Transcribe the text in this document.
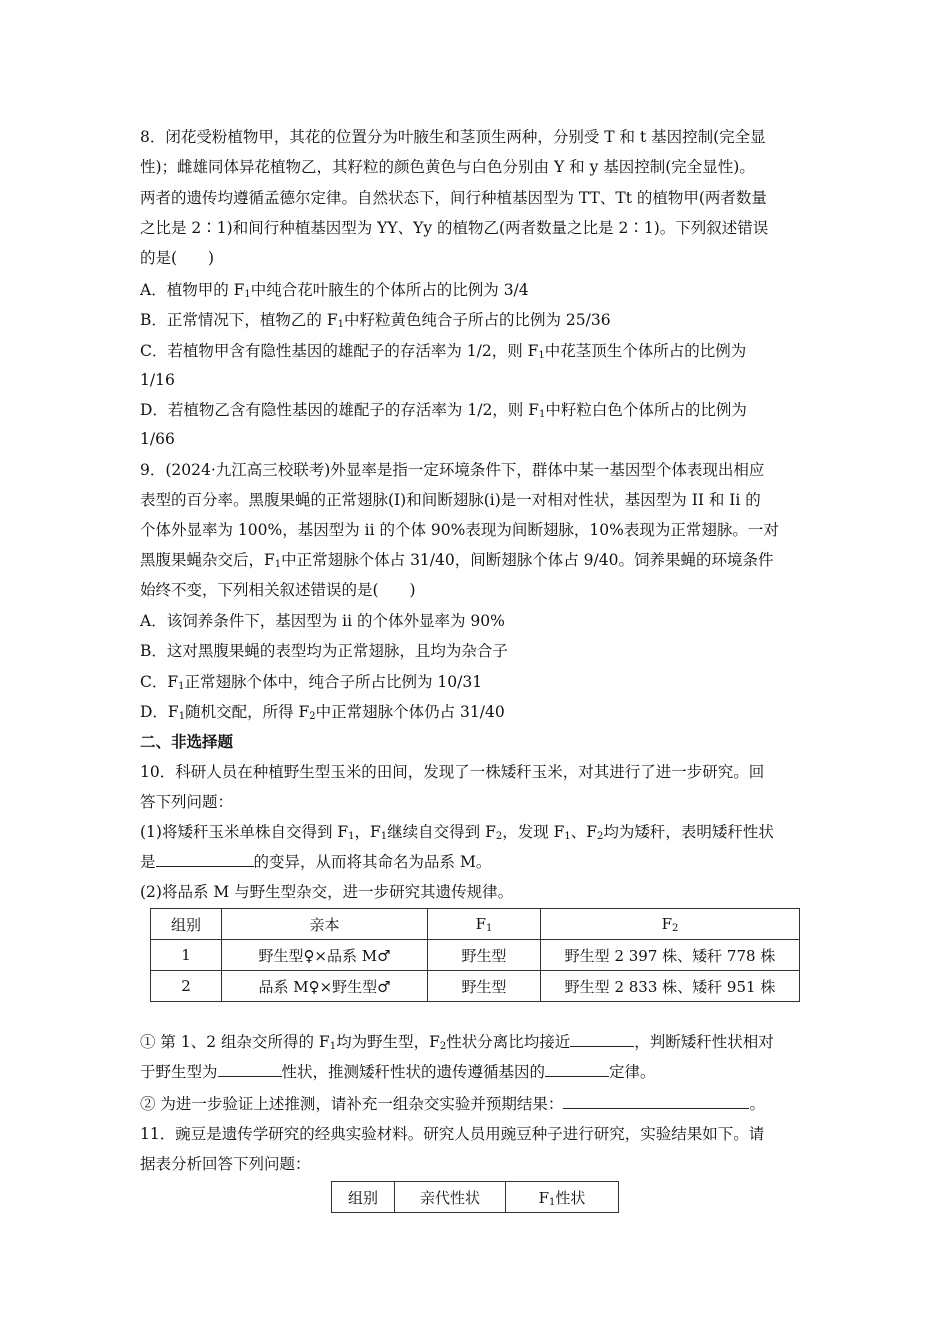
8．闭花受粉植物甲，其花的位置分为叶腋生和茎顶生两种，分别受 T 和 t 基因控制(完全显
性)；雌雄同体异花植物乙，其籽粒的颜色黄色与白色分别由 Y 和 y 基因控制(完全显性)。
两者的遗传均遵循孟德尔定律。自然状态下，间行种植基因型为 TT、Tt 的植物甲(两者数量
之比是 2∶1)和间行种植基因型为 YY、Yy 的植物乙(两者数量之比是 2∶1)。下列叙述错误
的是(　　)
A．植物甲的 $F_1$中纯合花叶腋生的个体所占的比例为 3/4
B．正常情况下，植物乙的 $F_1$中籽粒黄色纯合子所占的比例为 25/36
C．若植物甲含有隐性基因的雄配子的存活率为 1/2，则 $F_1$中花茎顶生个体所占的比例为
1/16
D．若植物乙含有隐性基因的雄配子的存活率为 1/2，则 $F_1$中籽粒白色个体所占的比例为
1/66
9．(2024·九江高三校联考)外显率是指一定环境条件下，群体中某一基因型个体表现出相应
表型的百分率。黑腹果蝇的正常翅脉(I)和间断翅脉(i)是一对相对性状，基因型为 II 和 Ii 的
个体外显率为 100%，基因型为 ii 的个体 90%表现为间断翅脉，10%表现为正常翅脉。一对
黑腹果蝇杂交后，$F_1$中正常翅脉个体占 31/40，间断翅脉个体占 9/40。饲养果蝇的环境条件
始终不变，下列相关叙述错误的是(　　)
A．该饲养条件下，基因型为 ii 的个体外显率为 90%
B．这对黑腹果蝇的表型均为正常翅脉，且均为杂合子
C．$F_1$正常翅脉个体中，纯合子所占比例为 10/31
D．$F_1$随机交配，所得 $F_2$中正常翅脉个体仍占 31/40
二、非选择题
10．科研人员在种植野生型玉米的田间，发现了一株矮秆玉米，对其进行了进一步研究。回
答下列问题：
(1)将矮秆玉米单株自交得到 $F_1$，$F_1$继续自交得到 $F_2$，发现 $F_1$、$F_2$均为矮秆，表明矮秆性状
是	的变异，从而将其命名为品系 M。
(2)将品系 M 与野生型杂交，进一步研究其遗传规律。
组别	亲本	$F_1$	$F_2$
1	野生型♀×品系 M♂	野生型	野生型 2 397 株、矮秆 778 株
2	品系 M♀×野生型♂	野生型	野生型 2 833 株、矮秆 951 株
① 第 1、2 组杂交所得的 $F_1$均为野生型，$F_2$性状分离比均接近	，判断矮秆性状相对
于野生型为	性状，推测矮秆性状的遗传遵循基因的	定律。
② 为进一步验证上述推测，请补充一组杂交实验并预期结果：	。
11．豌豆是遗传学研究的经典实验材料。研究人员用豌豆种子进行研究，实验结果如下。请
据表分析回答下列问题：
组别	亲代性状	$F_1$性状
